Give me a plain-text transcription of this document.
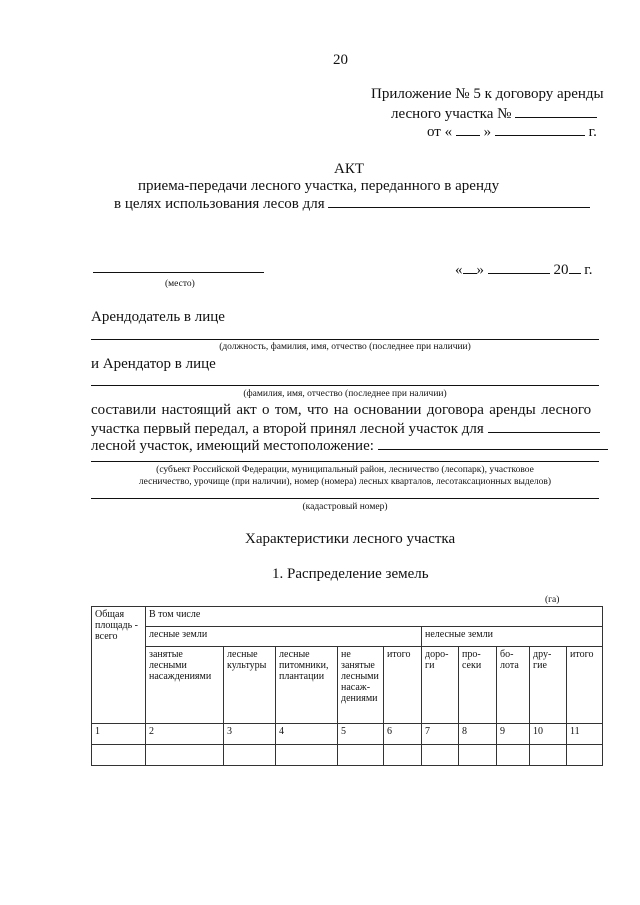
20
Приложение № 5 к договору аренды
лесного участка №
от « »	г.
АКТ
приема-передачи лесного участка, переданного в аренду
в целях использования лесов для
(место)
« »	20 г.
Арендодатель в лице
(должность, фамилия, имя, отчество (последнее при наличии)
и Арендатор в лице
(фамилия, имя, отчество (последнее при наличии)
составили настоящий акт о том, что на основании договора аренды лесного
участка первый передал, а второй принял лесной участок для
лесной участок, имеющий местоположение:
(субъект Российской Федерации, муниципальный район, лесничество (лесопарк), участковое
лесничество, урочище (при наличии), номер (номера) лесных кварталов, лесотаксационных выделов)
(кадастровый номер)
Характеристики лесного участка
1. Распределение земель
(га)
Общая площадь - всего	В том числе									
	лесные земли					нелесные земли				
	занятые лесными насаждениями	лесные культуры	лесные питомники, плантации	не занятые лесными насаж-дениями	итого	доро-ги	про-секи	бо-лота	дру-гие	итого
1	2	3	4	5	6	7	8	9	10	11
